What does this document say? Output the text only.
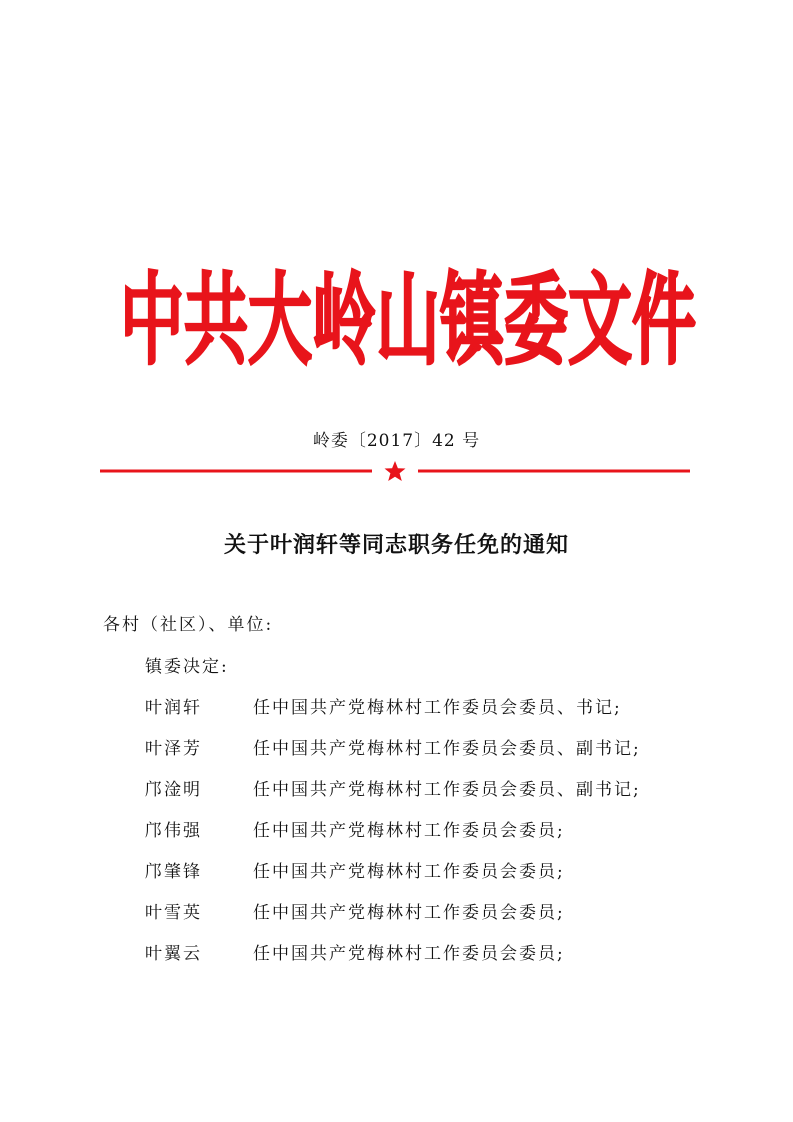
中 共 大 岭 山 镇 委 文 件
岭委〔2017〕42 号
关于叶润轩等同志职务任免的通知
各村（社区）、单位:
镇委决定:
叶润轩	任中国共产党梅林村工作委员会委员、书记;
叶泽芳	任中国共产党梅林村工作委员会委员、副书记;
邝淦明	任中国共产党梅林村工作委员会委员、副书记;
邝伟强	任中国共产党梅林村工作委员会委员;
邝肇锋	任中国共产党梅林村工作委员会委员;
叶雪英	任中国共产党梅林村工作委员会委员;
叶翼云	任中国共产党梅林村工作委员会委员;
